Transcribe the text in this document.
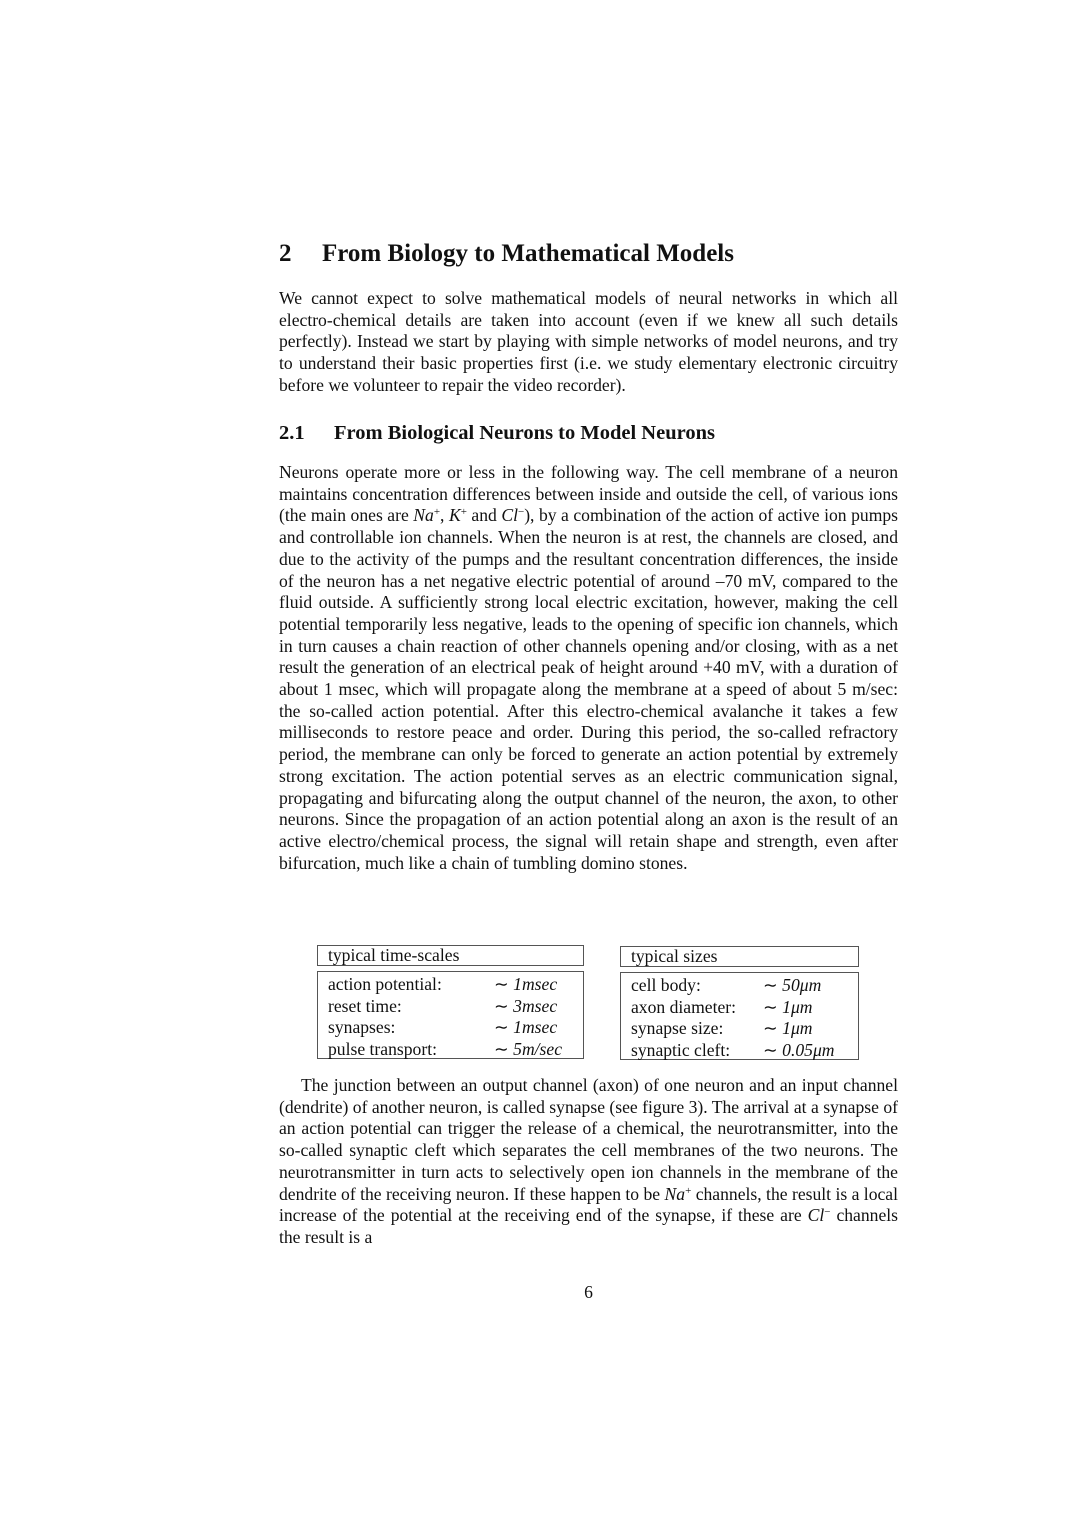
2 From Biology to Mathematical Models
We cannot expect to solve mathematical models of neural networks in which all electro-chemical details are taken into account (even if we knew all such details perfectly). Instead we start by playing with simple networks of model neurons, and try to understand their basic properties first (i.e. we study elementary electronic circuitry before we volunteer to repair the video recorder).
2.1 From Biological Neurons to Model Neurons
Neurons operate more or less in the following way. The cell membrane of a neuron maintains concentration differences between inside and outside the cell, of various ions (the main ones are Na+, K+ and Cl−), by a combination of the action of active ion pumps and controllable ion channels. When the neuron is at rest, the channels are closed, and due to the activity of the pumps and the resultant concentration differences, the inside of the neuron has a net negative electric potential of around –70 mV, compared to the fluid outside. A sufficiently strong local electric excitation, however, making the cell potential temporarily less negative, leads to the opening of specific ion channels, which in turn causes a chain reaction of other channels opening and/or closing, with as a net result the generation of an electrical peak of height around +40 mV, with a duration of about 1 msec, which will propagate along the membrane at a speed of about 5 m/sec: the so-called action potential. After this electro-chemical avalanche it takes a few milliseconds to restore peace and order. During this period, the so-called refractory period, the membrane can only be forced to generate an action potential by extremely strong excitation. The action potential serves as an electric communication signal, propagating and bifurcating along the output channel of the neuron, the axon, to other neurons. Since the propagation of an action potential along an axon is the result of an active electro/chemical process, the signal will retain shape and strength, even after bifurcation, much like a chain of tumbling domino stones.
typical time-scales
action potential:	∼ 1msec
reset time:	∼ 3msec
synapses:	∼ 1msec
pulse transport:	∼ 5m/sec
typical sizes
cell body:	∼ 50μm
axon diameter: ∼ 1μm
synapse size: ∼ 1μm
synaptic cleft: ∼ 0.05μm
The junction between an output channel (axon) of one neuron and an input channel (dendrite) of another neuron, is called synapse (see figure 3). The arrival at a synapse of an action potential can trigger the release of a chemical, the neurotransmitter, into the so-called synaptic cleft which separates the cell membranes of the two neurons. The neurotransmitter in turn acts to selectively open ion channels in the membrane of the dendrite of the receiving neuron. If these happen to be Na+ channels, the result is a local increase of the potential at the receiving end of the synapse, if these are Cl− channels the result is a
6
